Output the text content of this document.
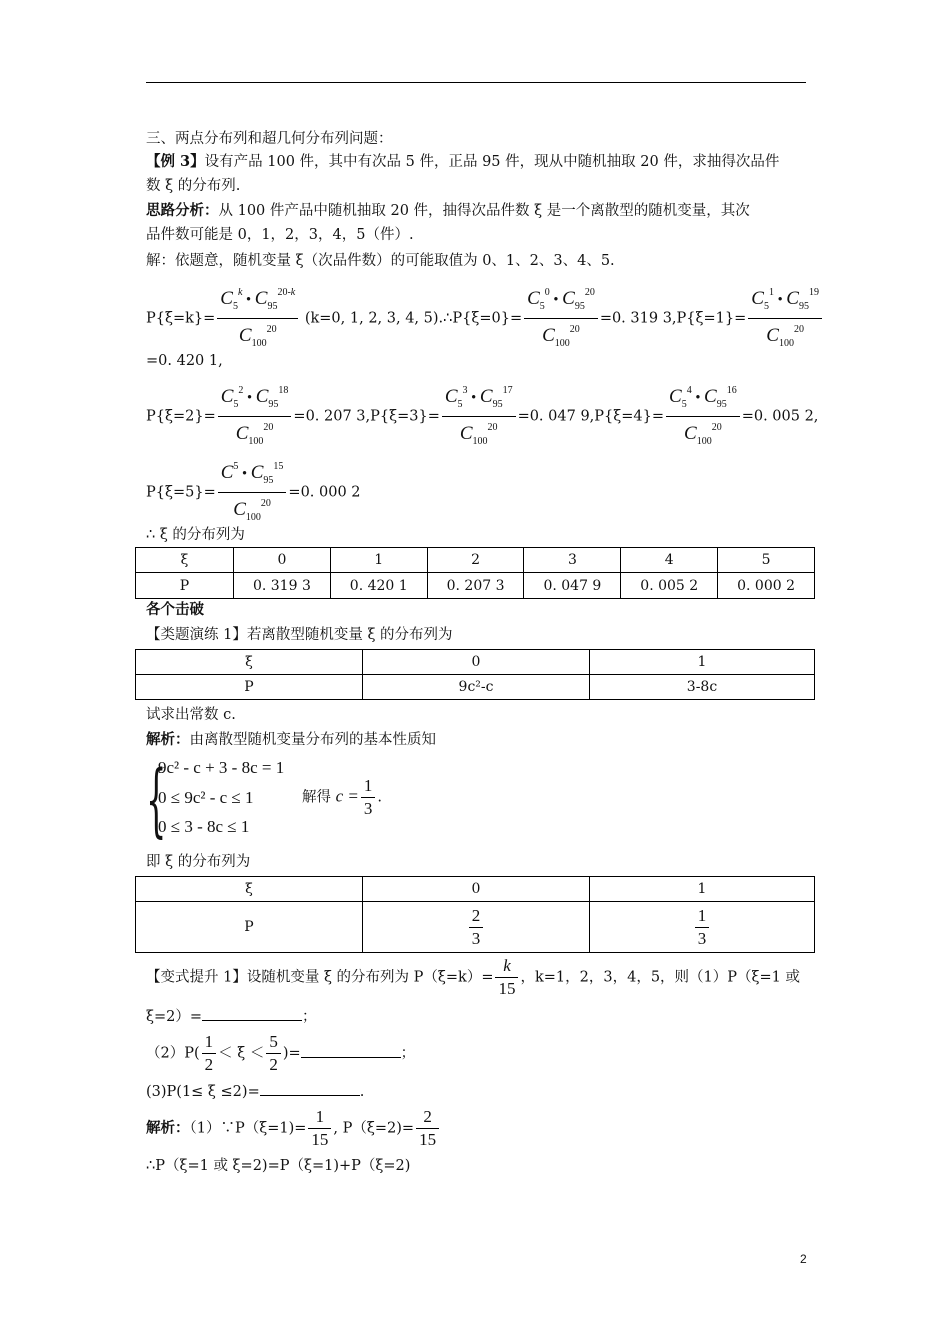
三、两点分布列和超几何分布列问题：
【例 3】设有产品 100 件，其中有次品 5 件，正品 95 件，现从中随机抽取 20 件，求抽得次品件
数 ξ 的分布列.
思路分析：从 100 件产品中随机抽取 20 件，抽得次品件数 ξ 是一个离散型的随机变量，其次
品件数可能是 0，1，2，3，4，5（件）.
解：依题意，随机变量 ξ（次品件数）的可能取值为 0、1、2、3、4、5.
$P\{\xi=k\}= \frac{C_5^k • C_{95}^{20-k}}{C_{100}^{20}} (k=0$, 1, 2, 3, 4, 5).∴P{ξ=0}= $\frac{C_5^0 • C_{95}^{20}}{C_{100}^{20}} =0$. 319 $3,P\{\xi=1\}= \frac{C_5^1 • C_{95}^{19}}{C_{100}^{20}}$
=0. 420 1,
$P\{\xi=2\}= \frac{C_5^2 • C_{95}^{18}}{C_{100}^{20}} =0$. 207 $3,P\{\xi=3\}= \frac{C_5^3 • C_{95}^{17}}{C_{100}^{20}} =0$. 047 $9,P\{\xi=4\}= \frac{C_5^4 • C_{95}^{16}}{C_{100}^{20}} =0$. 005 2,
$P\{\xi=5\}= \frac{C^5 • C_{95}^{15}}{C_{100}^{20}} =0$. 000 2
∴ ξ 的分布列为
ξ	0	1	2	3	4	5
P	0. 319 3	0. 420 1	0. 207 3	0. 047 9	0. 005 2	0. 000 2
各个击破
【类题演练 1】若离散型随机变量 ξ 的分布列为
ξ	0	1
P	9c²-c	3-8c
试求出常数 c.
解析：由离散型随机变量分布列的基本性质知
{
9c² - c + 3 - 8c = 1
0 ≤ 9c² - c ≤ 1
0 ≤ 3 - 8c ≤ 1
解得 $c = \frac{1}{3}$ .
即 ξ 的分布列为
ξ	0	1
P	$\frac{2}{3}$	$\frac{1}{3}$
【变式提升 1】设随机变量 ξ 的分布列为 $P(\xi=k)= \frac{k}{15}$ ，k=1，2，3，4，5，则（1）P（ξ=1 或
ξ=2）=	；
$(2)P( \frac{1}{2} < \xi < \frac{5}{2}$ )=	；
(3)P(1≤ ξ ≤2)=	.
解析：（1）∵P（ξ=1)= $\frac{1}{15}$ , $P(\xi=2)= \frac{2}{15}$
∴P（ξ=1 或 ξ=2)=P（ξ=1)+P（ξ=2)
2
